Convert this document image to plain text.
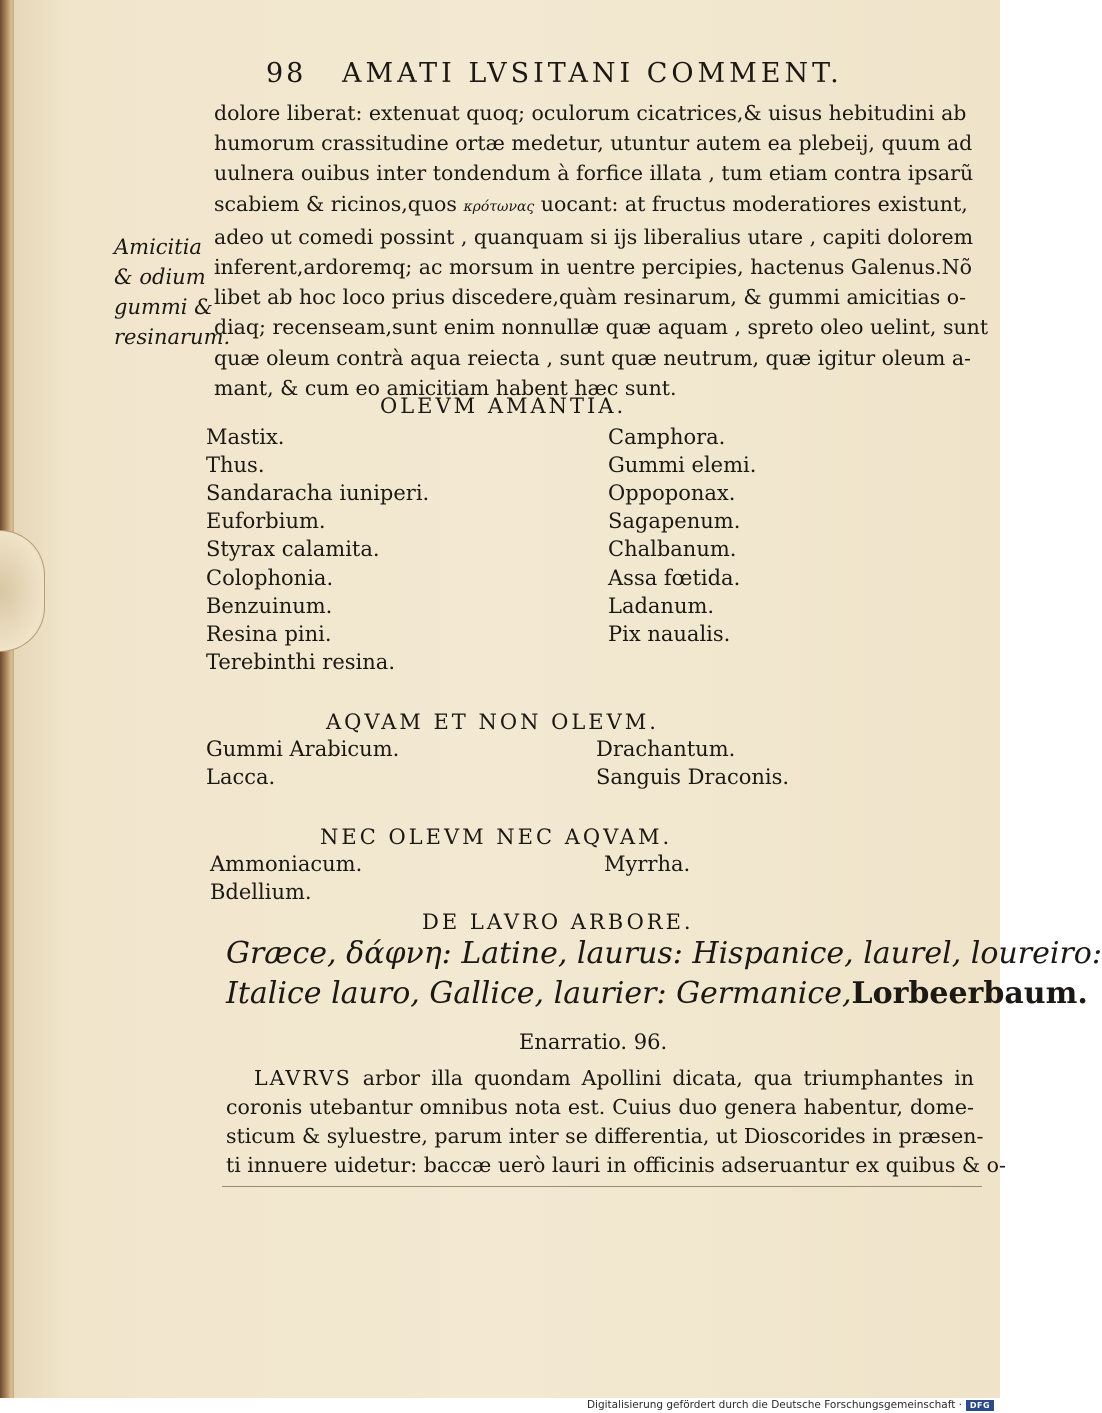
98 AMATI LVSITANI COMMENT.
Amicitia
& odium
gummi &
resinarum.
dolore liberat: extenuat quoq; oculorum cicatrices,& uisus hebitudini ab
humorum crassitudine ortæ medetur, utuntur autem ea plebeij, quum ad
uulnera ouibus inter tondendum à forfice illata , tum etiam contra ipsarũ
scabiem & ricinos,quos κρότωνας uocant: at fructus moderatiores existunt,
adeo ut comedi possint , quanquam si ijs liberalius utare , capiti dolorem
inferent,ardoremq; ac morsum in uentre percipies, hactenus Galenus.Nõ
libet ab hoc loco prius discedere,quàm resinarum, & gummi amicitias o-
diaq; recenseam,sunt enim nonnullæ quæ aquam , spreto oleo uelint, sunt
quæ oleum contrà aqua reiecta , sunt quæ neutrum, quæ igitur oleum a-
mant, & cum eo amicitiam habent hæc sunt.
OLEVM AMANTIA.
Mastix.
Thus.
Sandaracha iuniperi.
Euforbium.
Styrax calamita.
Colophonia.
Benzuinum.
Resina pini.
Terebinthi resina.
Camphora.
Gummi elemi.
Oppoponax.
Sagapenum.
Chalbanum.
Assa fœtida.
Ladanum.
Pix naualis.
AQVAM ET NON OLEVM.
Gummi Arabicum.
Lacca.
Drachantum.
Sanguis Draconis.
NEC OLEVM NEC AQVAM.
Ammoniacum.
Bdellium.
Myrrha.
DE LAVRO ARBORE.
Græce, δάφνη: Latine, laurus: Hispanice, laurel, loureiro:
Italice lauro, Gallice, laurier: Germanice,Lorbeerbaum.
Enarratio. 96.
LAVRVS arbor illa quondam Apollini dicata, qua triumphantes in
coronis utebantur omnibus nota est. Cuius duo genera habentur, dome-
sticum & syluestre, parum inter se differentia, ut Dioscorides in præsen-
ti innuere uidetur: baccæ uerò lauri in officinis adseruantur ex quibus & o-
Digitalisierung gefördert durch die Deutsche Forschungsgemeinschaft · DFG
